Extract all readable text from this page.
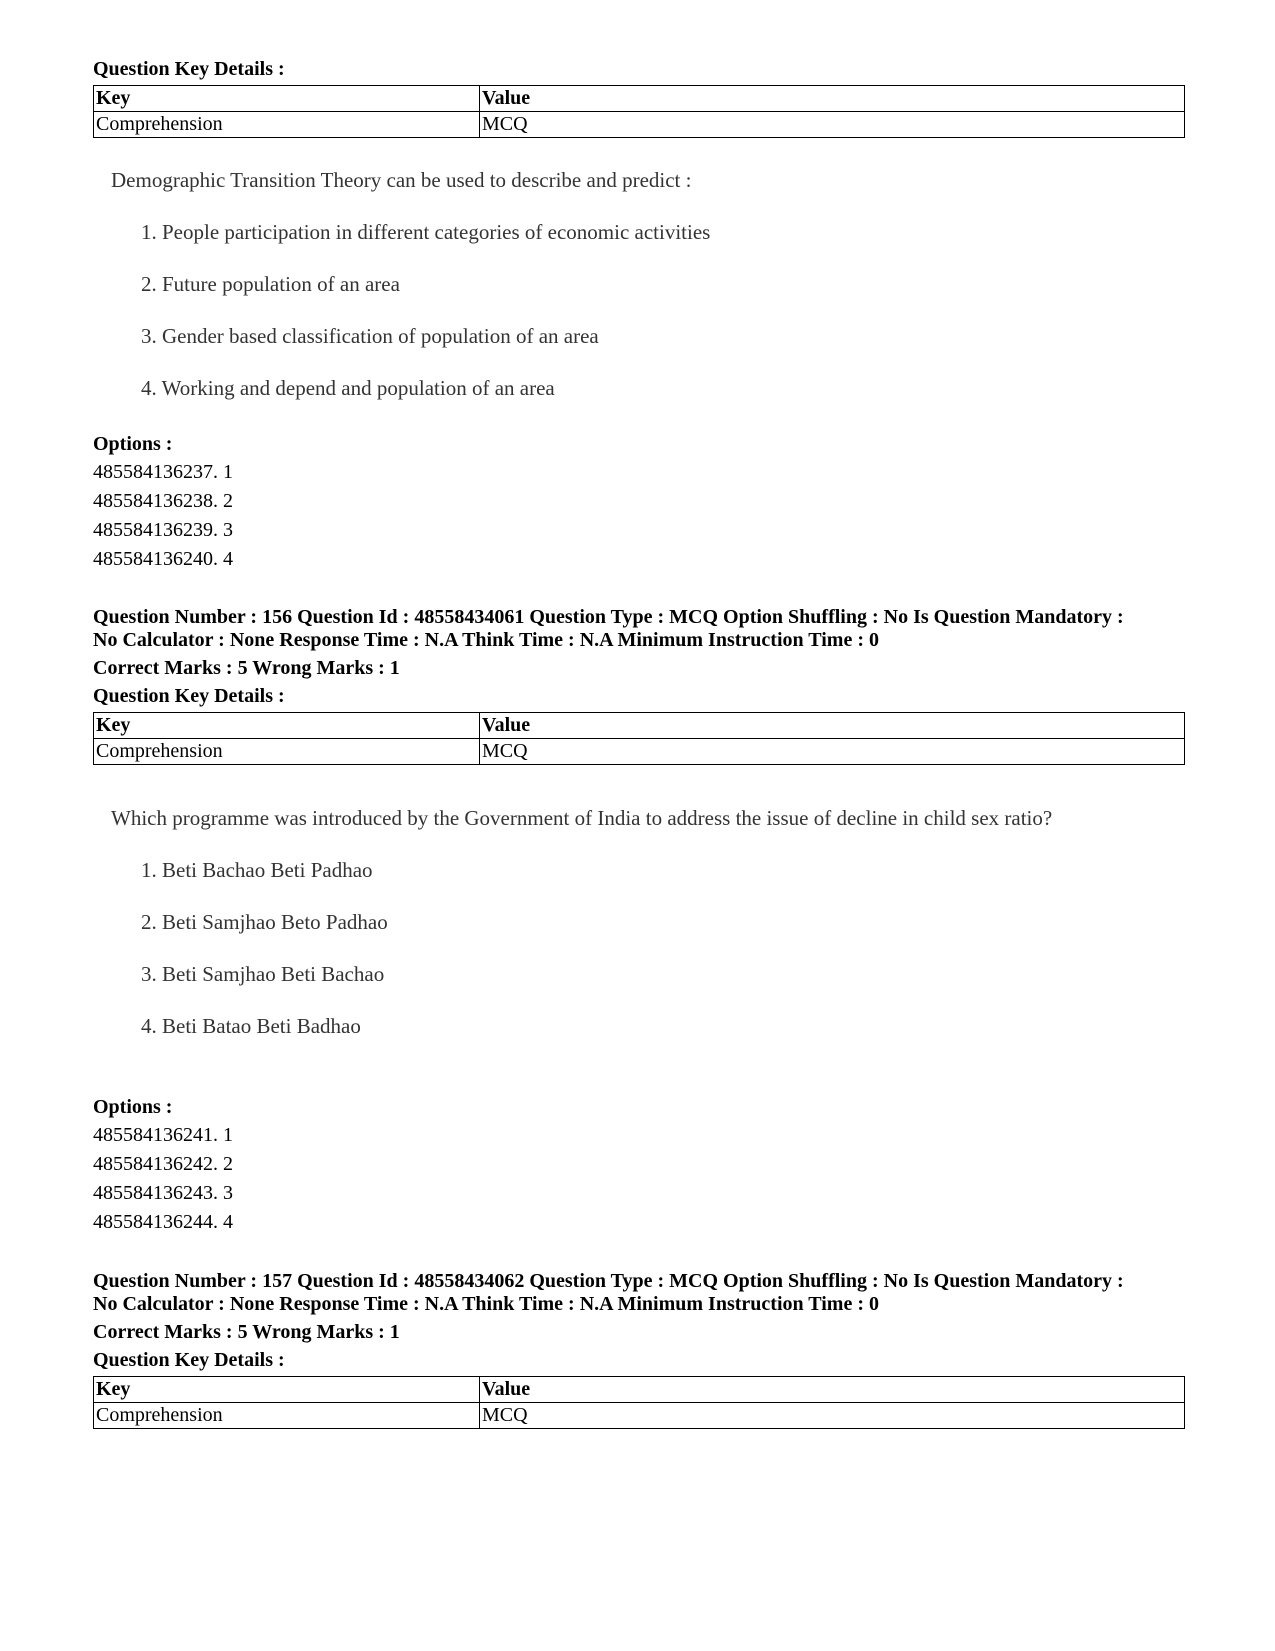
Question Key Details :
Key	Value
Comprehension	MCQ
Demographic Transition Theory can be used to describe and predict :
1. People participation in different categories of economic activities
2. Future population of an area
3. Gender based classification of population of an area
4. Working and depend and population of an area
Options :
485584136237. 1
485584136238. 2
485584136239. 3
485584136240. 4
Question Number : 156 Question Id : 48558434061 Question Type : MCQ Option Shuffling : No Is Question Mandatory :
No Calculator : None Response Time : N.A Think Time : N.A Minimum Instruction Time : 0
Correct Marks : 5 Wrong Marks : 1
Question Key Details :
Key	Value
Comprehension	MCQ
Which programme was introduced by the Government of India to address the issue of decline in child sex ratio?
1. Beti Bachao Beti Padhao
2. Beti Samjhao Beto Padhao
3. Beti Samjhao Beti Bachao
4. Beti Batao Beti Badhao
Options :
485584136241. 1
485584136242. 2
485584136243. 3
485584136244. 4
Question Number : 157 Question Id : 48558434062 Question Type : MCQ Option Shuffling : No Is Question Mandatory :
No Calculator : None Response Time : N.A Think Time : N.A Minimum Instruction Time : 0
Correct Marks : 5 Wrong Marks : 1
Question Key Details :
Key	Value
Comprehension	MCQ
